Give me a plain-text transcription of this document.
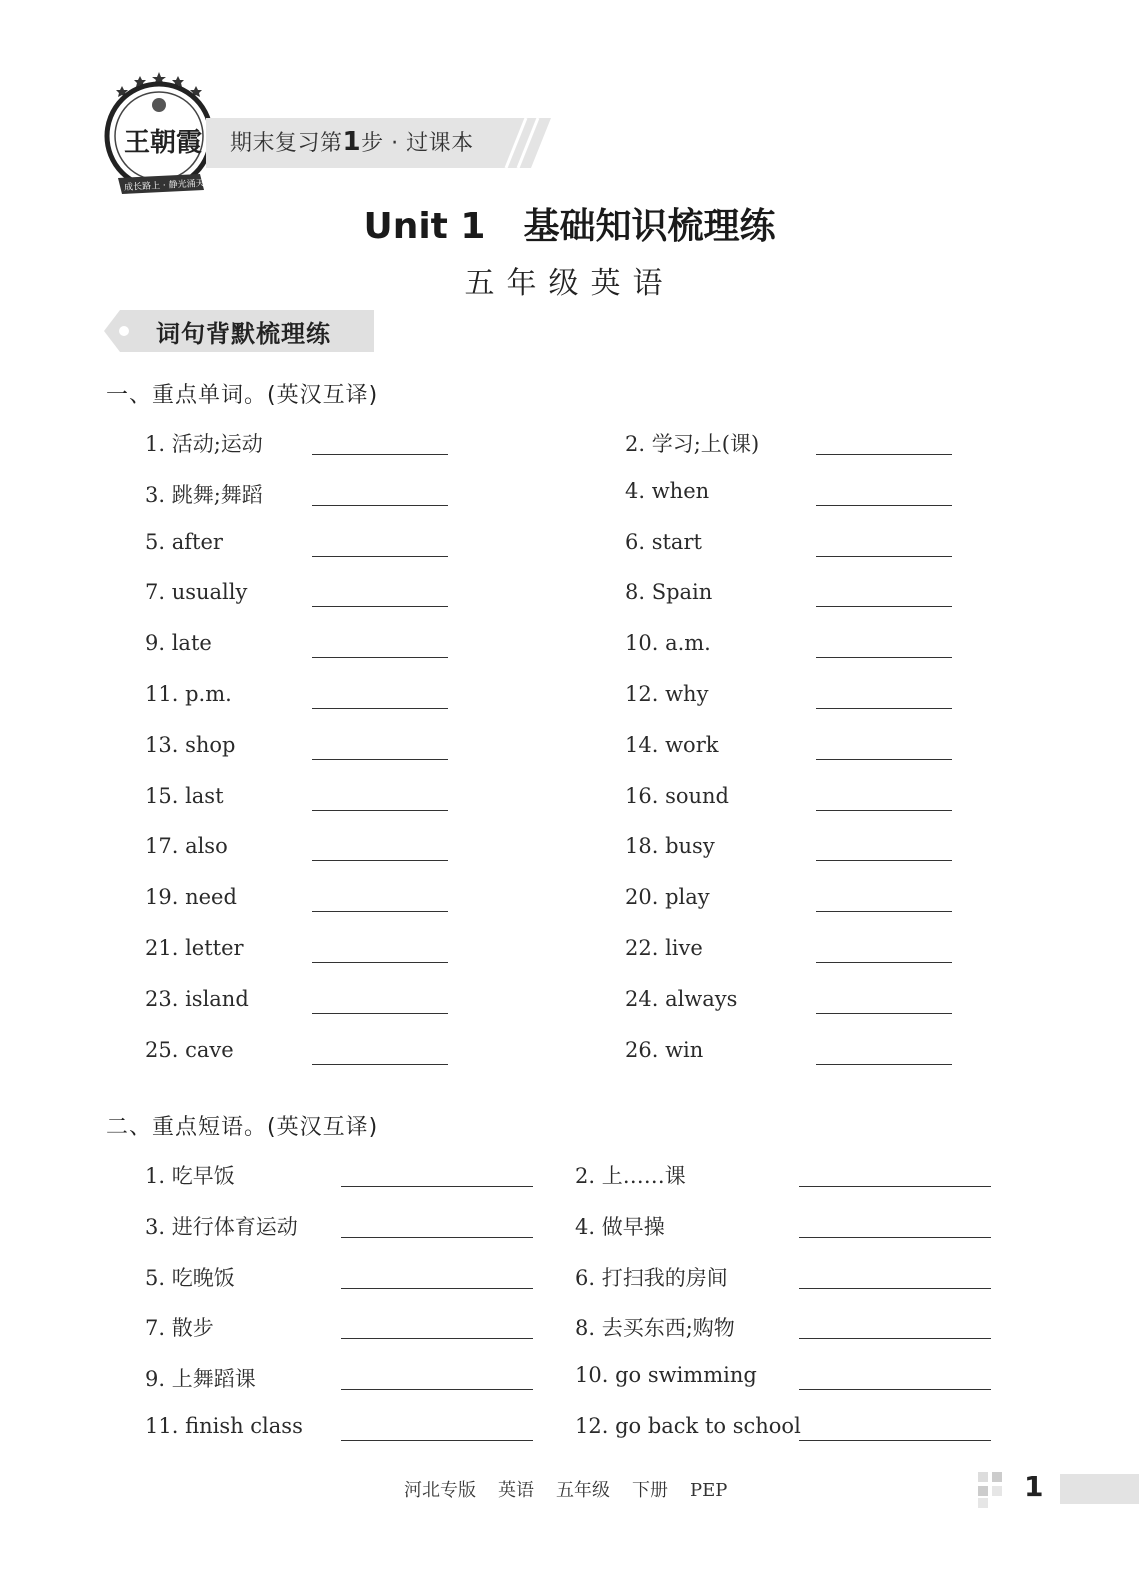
王朝霞
成长路上 · 静光涌天
期末复习第1步 · 过课本
Unit 1 基础知识梳理练
五年级英语
词句背默梳理练
一、重点单词。(英汉互译)
1. 活动;运动	2. 学习;上(课)
3. 跳舞;舞蹈	4. when
5. after	6. start
7. usually	8. Spain
9. late	10. a.m.
11. p.m.	12. why
13. shop	14. work
15. last	16. sound
17. also	18. busy
19. need	20. play
21. letter	22. live
23. island	24. always
25. cave	26. win
二、重点短语。(英汉互译)
1. 吃早饭	2. 上……课
3. 进行体育运动	4. 做早操
5. 吃晚饭	6. 打扫我的房间
7. 散步	8. 去买东西;购物
9. 上舞蹈课	10. go swimming
11. finish class	12. go back to school
河北专版 英语 五年级 下册 PEP	1
